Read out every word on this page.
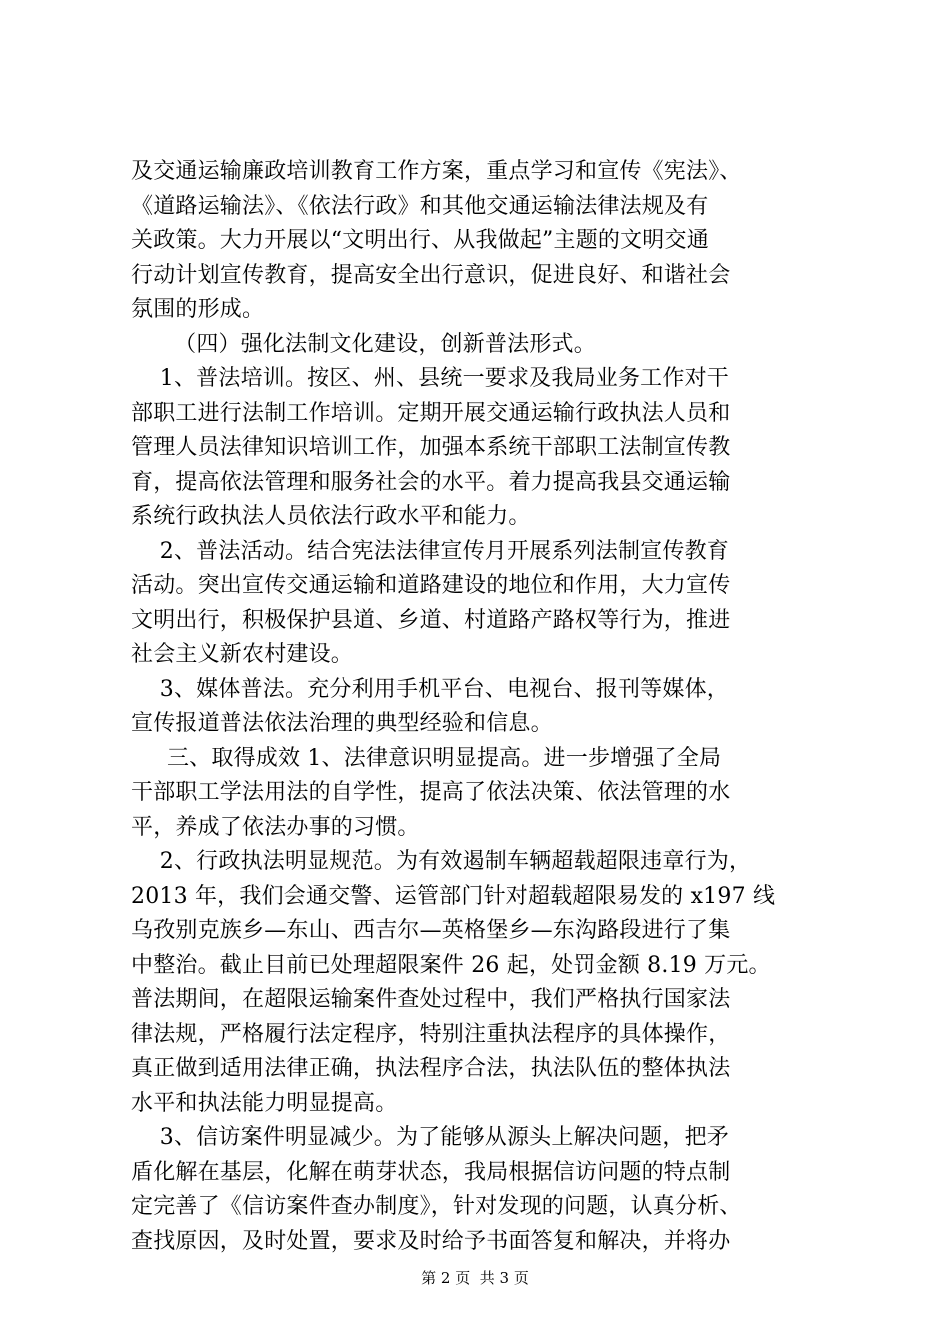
及交通运输廉政培训教育工作方案，重点学习和宣传《宪法》、
《道路运输法》、《依法行政》和其他交通运输法律法规及有
关政策。大力开展以“文明出行、从我做起”主题的文明交通
行动计划宣传教育，提高安全出行意识，促进良好、和谐社会
氛围的形成。
（四）强化法制文化建设，创新普法形式。
1、普法培训。按区、州、县统一要求及我局业务工作对干
部职工进行法制工作培训。定期开展交通运输行政执法人员和
管理人员法律知识培训工作，加强本系统干部职工法制宣传教
育，提高依法管理和服务社会的水平。着力提高我县交通运输
系统行政执法人员依法行政水平和能力。
2、普法活动。结合宪法法律宣传月开展系列法制宣传教育
活动。突出宣传交通运输和道路建设的地位和作用，大力宣传
文明出行，积极保护县道、乡道、村道路产路权等行为，推进
社会主义新农村建设。
3、媒体普法。充分利用手机平台、电视台、报刊等媒体，
宣传报道普法依法治理的典型经验和信息。
三、取得成效 1、法律意识明显提高。进一步增强了全局
干部职工学法用法的自学性，提高了依法决策、依法管理的水
平，养成了依法办事的习惯。
2、行政执法明显规范。为有效遏制车辆超载超限违章行为，
2013 年，我们会通交警、运管部门针对超载超限易发的 x197 线
乌孜别克族乡—东山、西吉尔—英格堡乡—东沟路段进行了集
中整治。截止目前已处理超限案件 26 起，处罚金额 8.19 万元。
普法期间，在超限运输案件查处过程中，我们严格执行国家法
律法规，严格履行法定程序，特别注重执法程序的具体操作，
真正做到适用法律正确，执法程序合法，执法队伍的整体执法
水平和执法能力明显提高。
3、信访案件明显减少。为了能够从源头上解决问题，把矛
盾化解在基层，化解在萌芽状态，我局根据信访问题的特点制
定完善了《信访案件查办制度》，针对发现的问题，认真分析、
查找原因，及时处置，要求及时给予书面答复和解决，并将办
第 2 页  共 3 页
